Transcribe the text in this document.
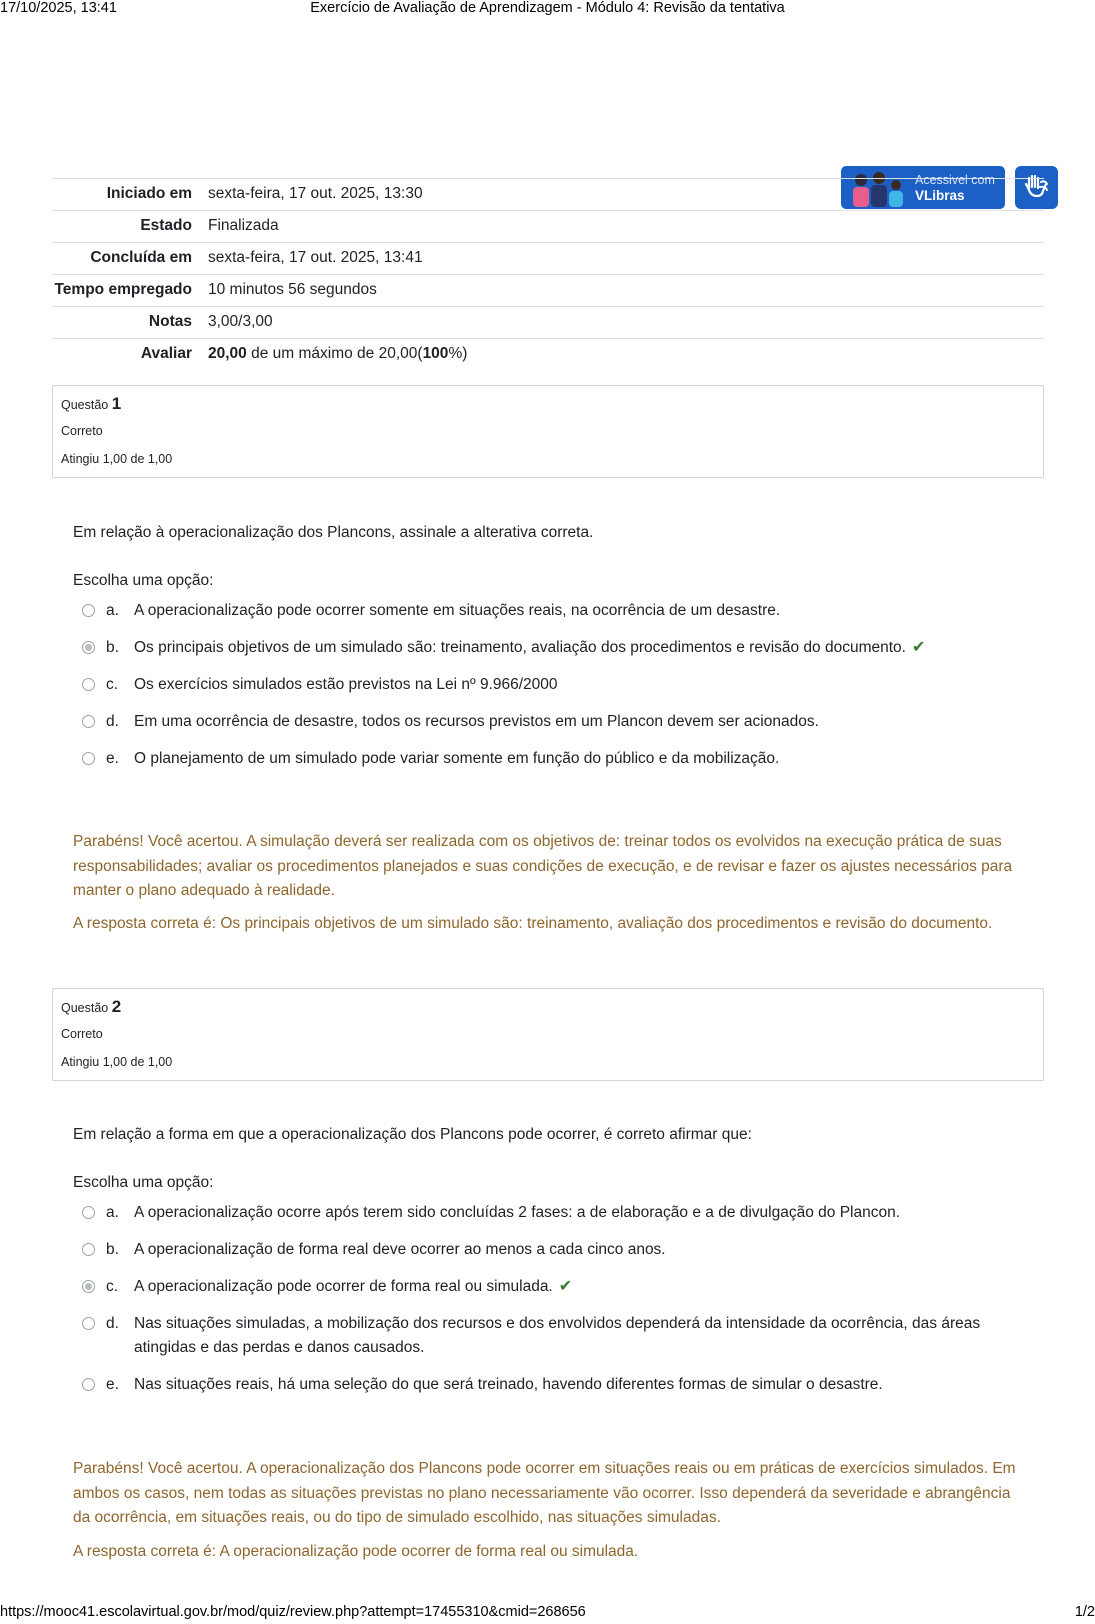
17/10/2025, 13:41	Exercício de Avaliação de Aprendizagem - Módulo 4: Revisão da tentativa
Acessivel com
VLibras
Iniciado em	sexta-feira, 17 out. 2025, 13:30
Estado	Finalizada
Concluída em	sexta-feira, 17 out. 2025, 13:41
Tempo empregado	10 minutos 56 segundos
Notas	3,00/3,00
Avaliar	20,00 de um máximo de 20,00(100%)
Questão 1
Correto
Atingiu 1,00 de 1,00
Em relação à operacionalização dos Plancons, assinale a alterativa correta.
Escolha uma opção:
a. A operacionalização pode ocorrer somente em situações reais, na ocorrência de um desastre.
b. Os principais objetivos de um simulado são: treinamento, avaliação dos procedimentos e revisão do documento. ✔
c. Os exercícios simulados estão previstos na Lei nº 9.966/2000
d. Em uma ocorrência de desastre, todos os recursos previstos em um Plancon devem ser acionados.
e. O planejamento de um simulado pode variar somente em função do público e da mobilização.
Parabéns! Você acertou. A simulação deverá ser realizada com os objetivos de: treinar todos os evolvidos na execução prática de suas responsabilidades; avaliar os procedimentos planejados e suas condições de execução, e de revisar e fazer os ajustes necessários para manter o plano adequado à realidade.
A resposta correta é: Os principais objetivos de um simulado são: treinamento, avaliação dos procedimentos e revisão do documento.
Questão 2
Correto
Atingiu 1,00 de 1,00
Em relação a forma em que a operacionalização dos Plancons pode ocorrer, é correto afirmar que:
Escolha uma opção:
a. A operacionalização ocorre após terem sido concluídas 2 fases: a de elaboração e a de divulgação do Plancon.
b. A operacionalização de forma real deve ocorrer ao menos a cada cinco anos.
c. A operacionalização pode ocorrer de forma real ou simulada. ✔
d. Nas situações simuladas, a mobilização dos recursos e dos envolvidos dependerá da intensidade da ocorrência, das áreas atingidas e das perdas e danos causados.
e. Nas situações reais, há uma seleção do que será treinado, havendo diferentes formas de simular o desastre.
Parabéns! Você acertou. A operacionalização dos Plancons pode ocorrer em situações reais ou em práticas de exercícios simulados. Em ambos os casos, nem todas as situações previstas no plano necessariamente vão ocorrer. Isso dependerá da severidade e abrangência da ocorrência, em situações reais, ou do tipo de simulado escolhido, nas situações simuladas.
A resposta correta é: A operacionalização pode ocorrer de forma real ou simulada.
https://mooc41.escolavirtual.gov.br/mod/quiz/review.php?attempt=17455310&cmid=268656	1/2
